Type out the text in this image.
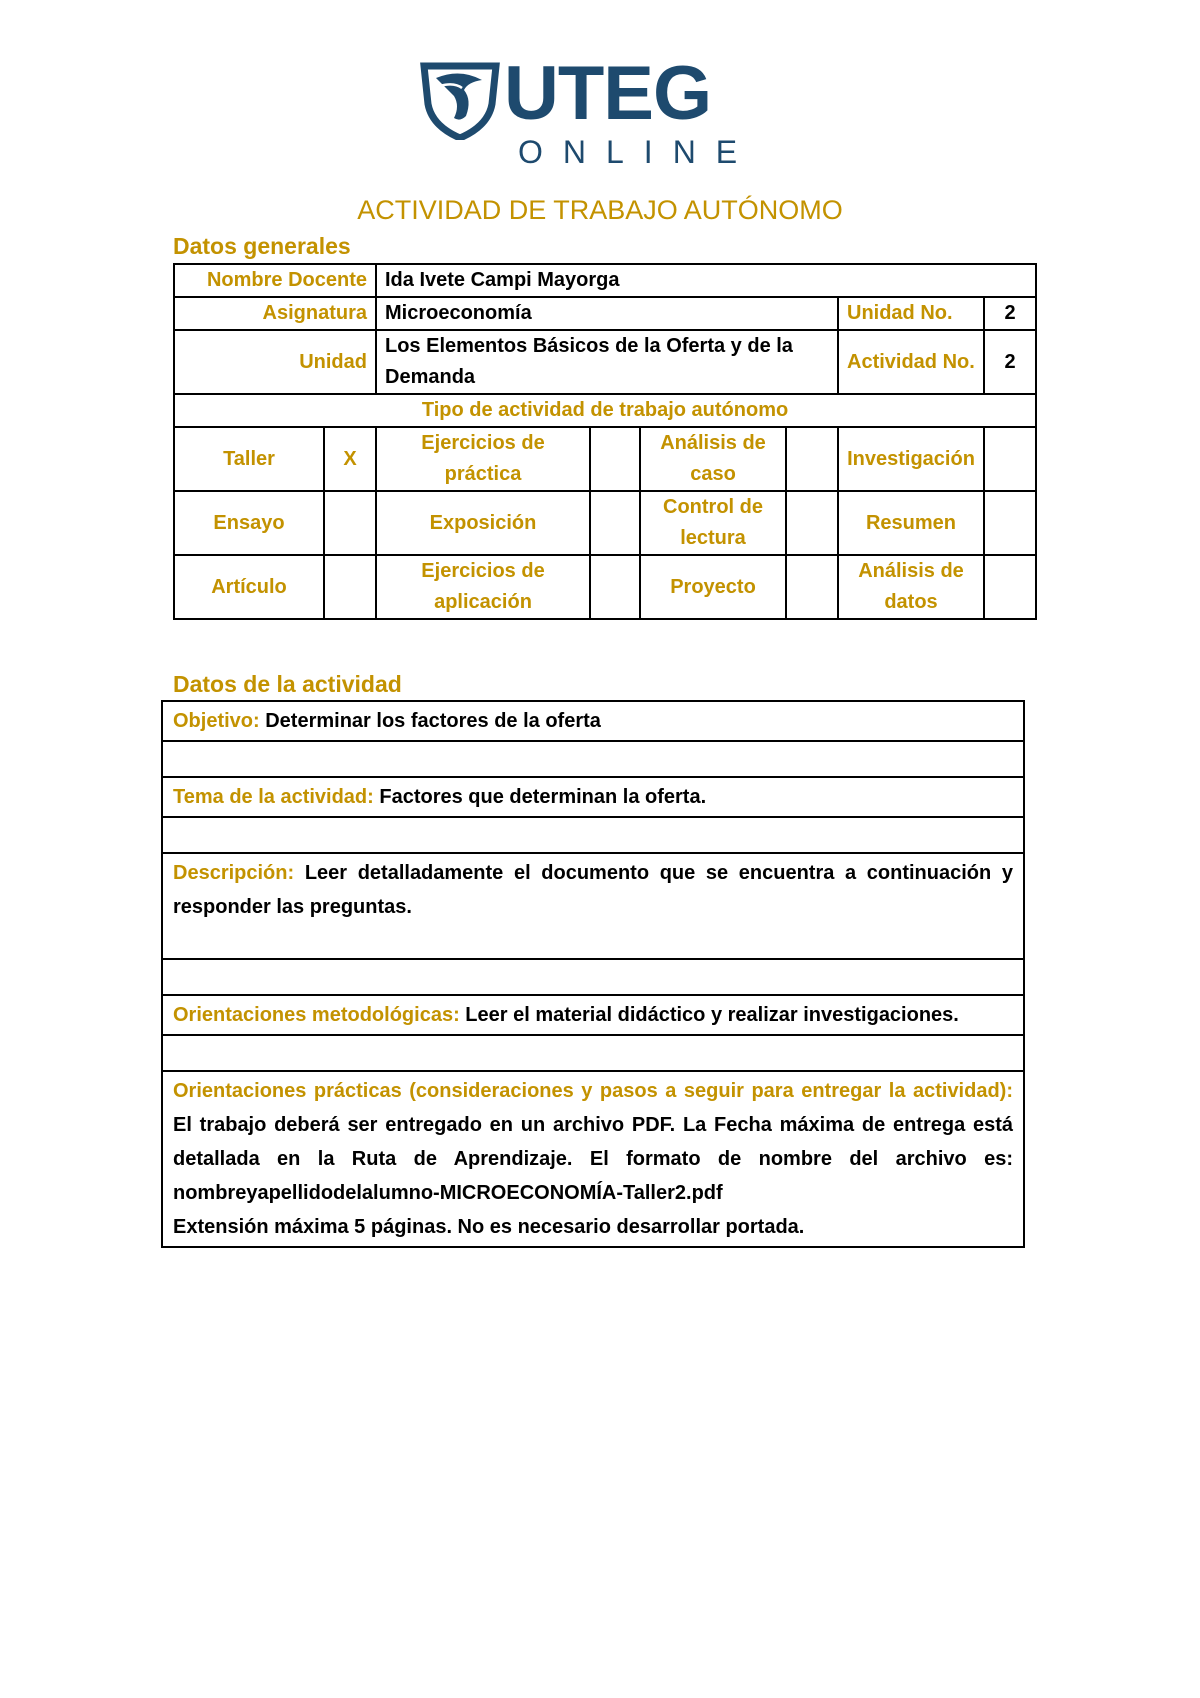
UTEG
ONLINE
ACTIVIDAD DE TRABAJO AUTÓNOMO
Datos generales
Nombre Docente		Ida Ivete Campi Mayorga					
Asignatura		Microeconomía				Unidad No.	2
Unidad		Los Elementos Básicos de la Oferta y de la Demanda				Actividad No.	2
Tipo de actividad de trabajo autónomo							
Taller	X	Ejercicios de práctica		Análisis de caso		Investigación	
Ensayo		Exposición		Control de lectura		Resumen	
Artículo		Ejercicios de aplicación		Proyecto		Análisis de datos	
Datos de la actividad
Objetivo: Determinar los factores de la oferta

Tema de la actividad: Factores que determinan la oferta.

Descripción: Leer detalladamente el documento que se encuentra a continuación y responder las preguntas.

Orientaciones metodológicas: Leer el material didáctico y realizar investigaciones.

Orientaciones prácticas (consideraciones y pasos a seguir para entregar la actividad): El trabajo deberá ser entregado en un archivo PDF. La Fecha máxima de entrega está detallada en la Ruta de Aprendizaje. El formato de nombre del archivo es: nombreyapellidodelalumno-MICROECONOMÍA-Taller2.pdf
Extensión máxima 5 páginas. No es necesario desarrollar portada.
